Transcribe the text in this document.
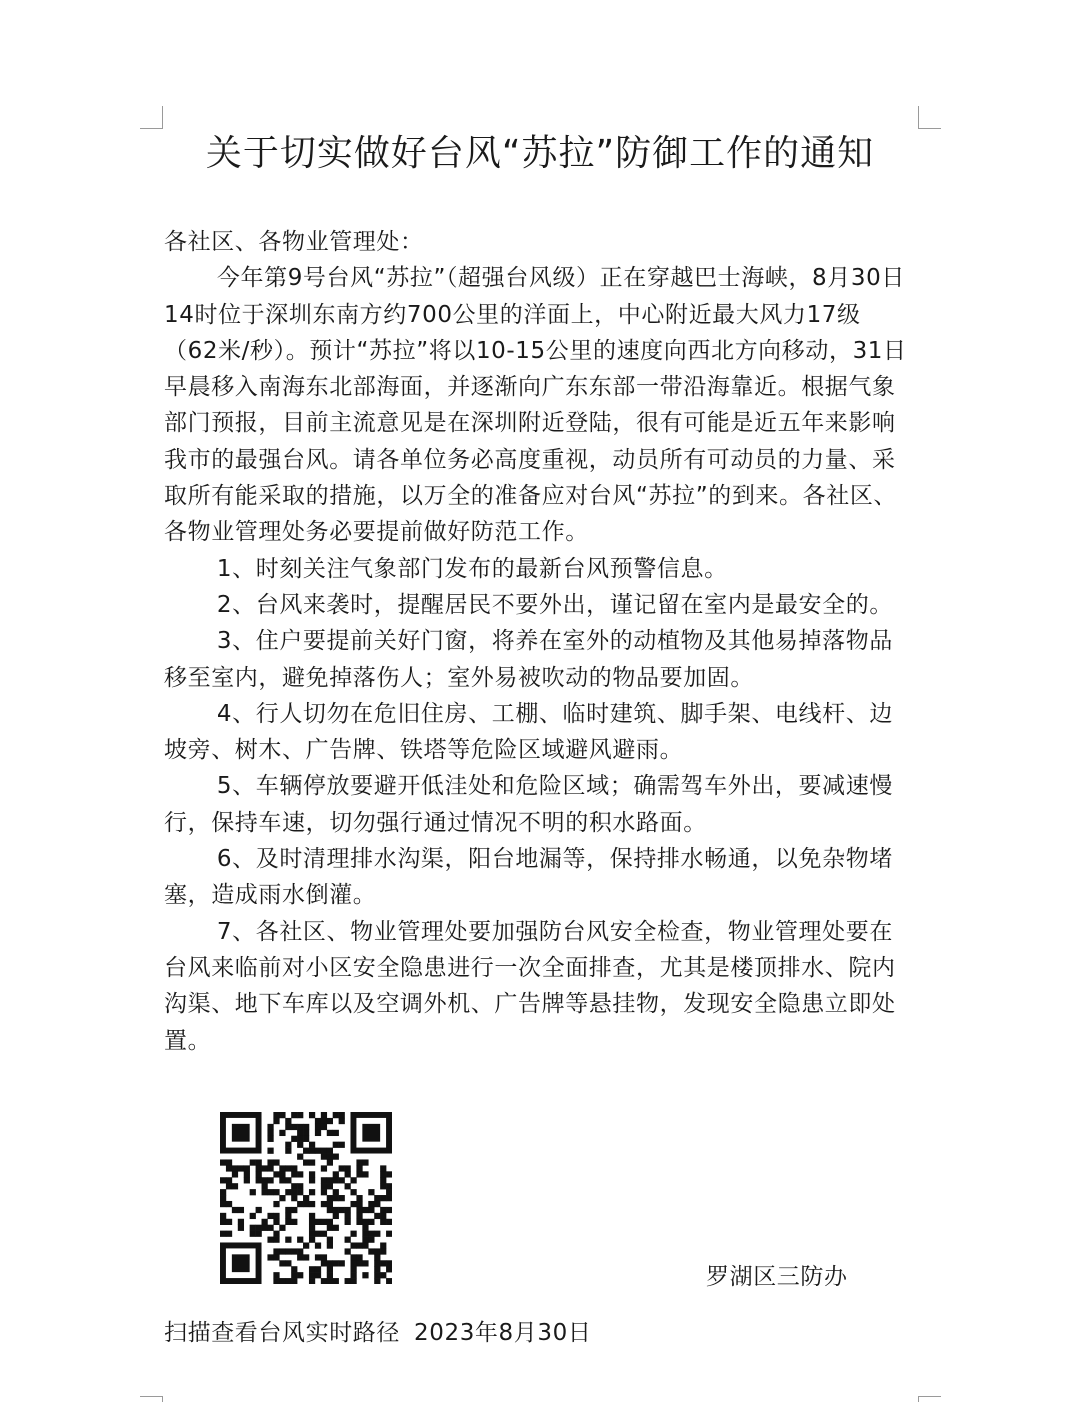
关于切实做好台风“苏拉”防御工作的通知

各社区、各物业管理处：

今年第9号台风“苏拉”（超强台风级）正在穿越巴士海峡，8月30日14时位于深圳东南方约700公里的洋面上，中心附近最大风力17级（62米/秒）。预计“苏拉”将以10-15公里的速度向西北方向移动，31日早晨移入南海东北部海面，并逐渐向广东东部一带沿海靠近。根据气象部门预报，目前主流意见是在深圳附近登陆，很有可能是近五年来影响我市的最强台风。请各单位务必高度重视，动员所有可动员的力量、采取所有能采取的措施，以万全的准备应对台风“苏拉”的到来。各社区、各物业管理处务必要提前做好防范工作。

1、时刻关注气象部门发布的最新台风预警信息。

2、台风来袭时，提醒居民不要外出，谨记留在室内是最安全的。

3、住户要提前关好门窗，将养在室外的动植物及其他易掉落物品移至室内，避免掉落伤人；室外易被吹动的物品要加固。

4、行人切勿在危旧住房、工棚、临时建筑、脚手架、电线杆、边坡旁、树木、广告牌、铁塔等危险区域避风避雨。

5、车辆停放要避开低洼处和危险区域；确需驾车外出，要减速慢行，保持车速，切勿强行通过情况不明的积水路面。

6、及时清理排水沟渠，阳台地漏等，保持排水畅通，以免杂物堵塞，造成雨水倒灌。

7、各社区、物业管理处要加强防台风安全检查，物业管理处要在台风来临前对小区安全隐患进行一次全面排查，尤其是楼顶排水、院内沟渠、地下车库以及空调外机、广告牌等悬挂物，发现安全隐患立即处置。

罗湖区三防办
扫描查看台风实时路径 2023年8月30日
